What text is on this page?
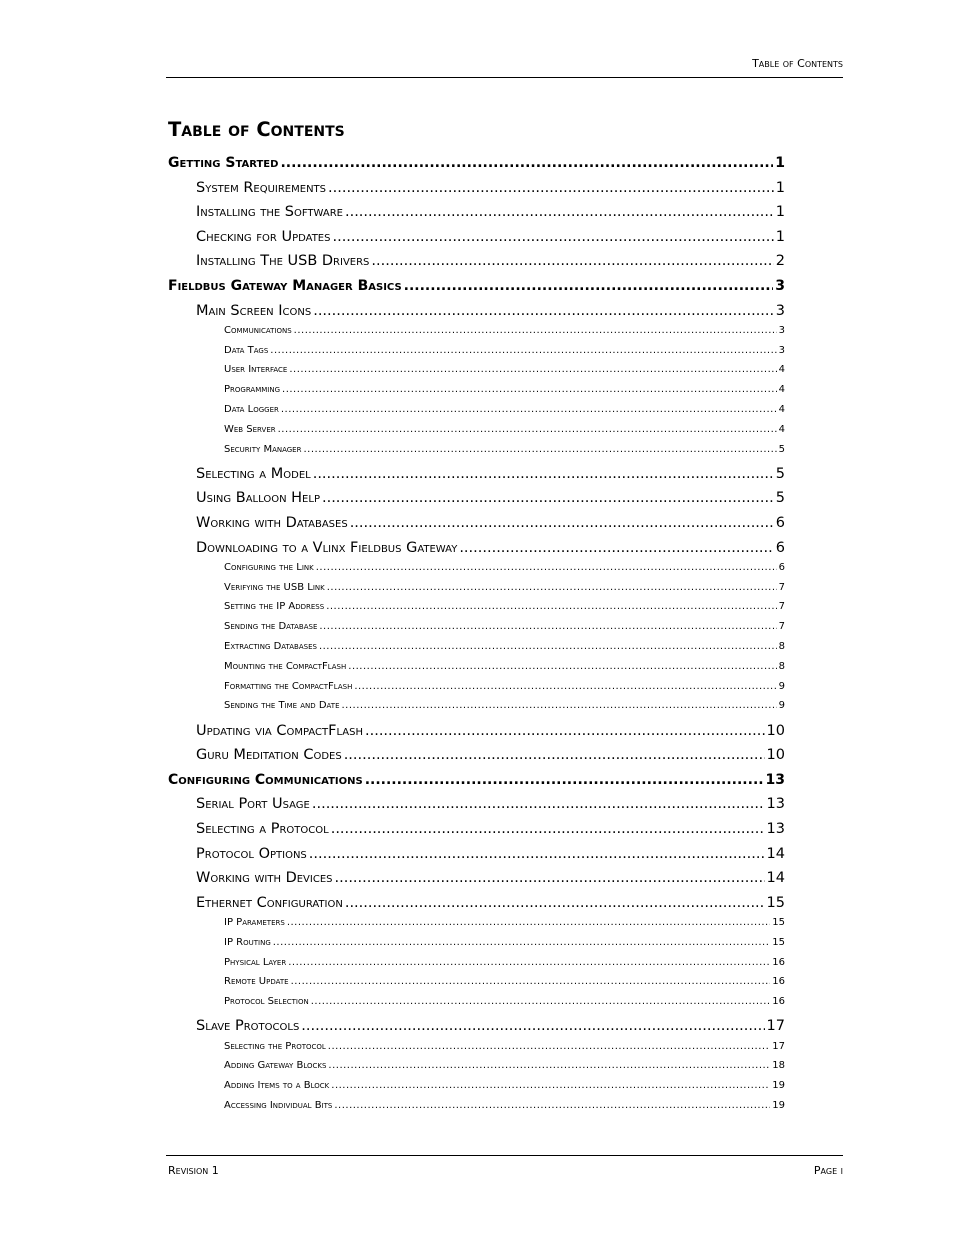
Table of Contents
Table of Contents
Getting Started .....	1
System Requirements .....	1
Installing the Software .....	1
Checking for Updates .....	1
Installing The USB Drivers .....	2
Fieldbus Gateway Manager Basics .....	3
Main Screen Icons .....	3
Communications .....	3
Data Tags .....	3
User Interface .....	4
Programming .....	4
Data Logger .....	4
Web Server .....	4
Security Manager .....	5
Selecting a Model .....	5
Using Balloon Help .....	5
Working with Databases .....	6
Downloading to a Vlinx Fieldbus Gateway .....	6
Configuring the Link .....	6
Verifying the USB Link .....	7
Setting the IP Address .....	7
Sending the Database .....	7
Extracting Databases .....	8
Mounting the CompactFlash .....	8
Formatting the CompactFlash .....	9
Sending the Time and Date .....	9
Updating via CompactFlash .....	10
Guru Meditation Codes .....	10
Configuring Communications .....	13
Serial Port Usage .....	13
Selecting a Protocol .....	13
Protocol Options .....	14
Working with Devices .....	14
Ethernet Configuration .....	15
IP Parameters .....	15
IP Routing .....	15
Physical Layer .....	16
Remote Update .....	16
Protocol Selection .....	16
Slave Protocols .....	17
Selecting the Protocol .....	17
Adding Gateway Blocks .....	18
Adding Items to a Block .....	19
Accessing Individual Bits .....	19
Revision 1	Page i
